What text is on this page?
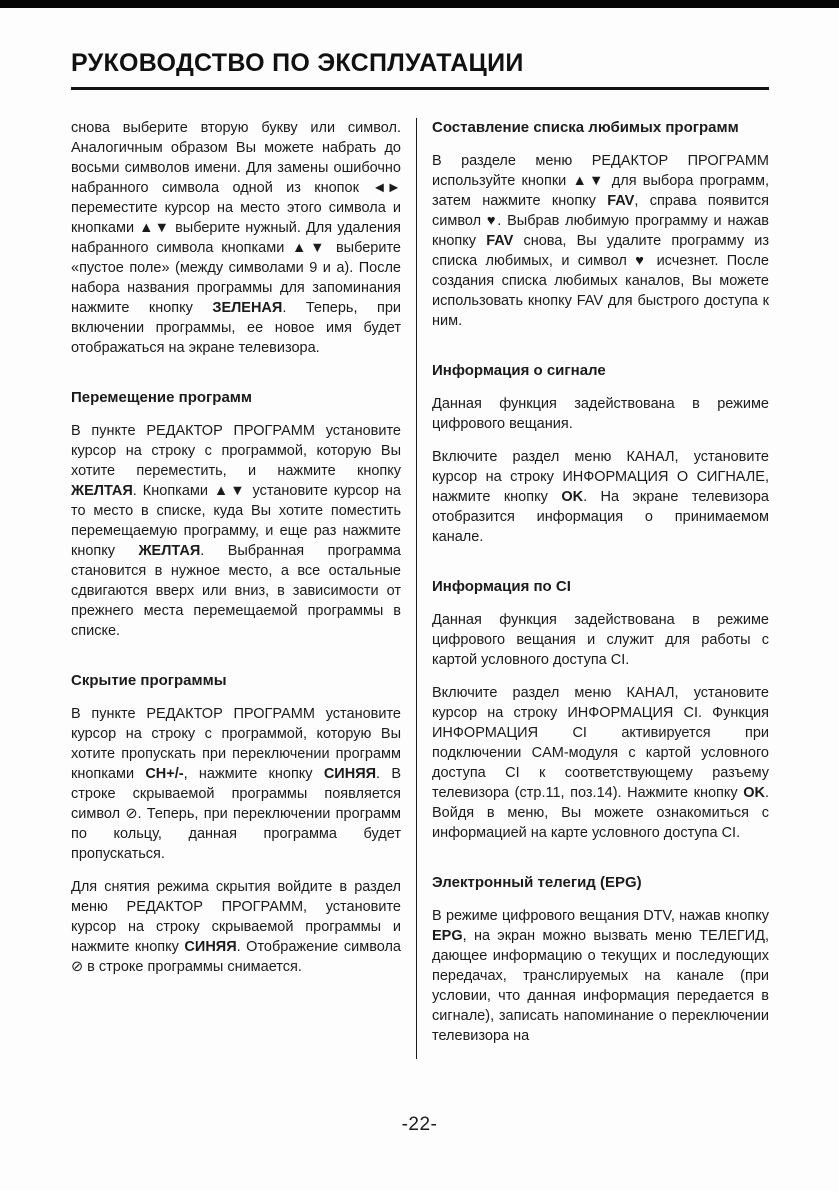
РУКОВОДСТВО ПО ЭКСПЛУАТАЦИИ

снова выберите вторую букву или символ. Аналогичным образом Вы можете набрать до восьми символов имени. Для замены ошибочно набранного символа одной из кнопок ◄► переместите курсор на место этого символа и кнопками ▲▼ выберите нужный. Для удаления набранного символа кнопками ▲▼ выберите «пустое поле» (между символами 9 и а). После набора названия программы для запоминания нажмите кнопку ЗЕЛЕНАЯ. Теперь, при включении программы, ее новое имя будет отображаться на экране телевизора.

Перемещение программ

В пункте РЕДАКТОР ПРОГРАММ установите курсор на строку с программой, которую Вы хотите переместить, и нажмите кнопку ЖЕЛТАЯ. Кнопками ▲▼ установите курсор на то место в списке, куда Вы хотите поместить перемещаемую программу, и еще раз нажмите кнопку ЖЕЛТАЯ. Выбранная программа становится в нужное место, а все остальные сдвигаются вверх или вниз, в зависимости от прежнего места перемещаемой программы в списке.

Скрытие программы

В пункте РЕДАКТОР ПРОГРАММ установите курсор на строку с программой, которую Вы хотите пропускать при переключении программ кнопками CH+/-, нажмите кнопку СИНЯЯ. В строке скрываемой программы появляется символ ⊘. Теперь, при переключении программ по кольцу, данная программа будет пропускаться.

Для снятия режима скрытия войдите в раздел меню РЕДАКТОР ПРОГРАММ, установите курсор на строку скрываемой программы и нажмите кнопку СИНЯЯ. Отображение символа ⊘ в строке программы снимается.

Составление списка любимых программ

В разделе меню РЕДАКТОР ПРОГРАММ используйте кнопки ▲▼ для выбора программ, затем нажмите кнопку FAV, справа появится символ ♥. Выбрав любимую программу и нажав кнопку FAV снова, Вы удалите программу из списка любимых, и символ ♥ исчезнет. После создания списка любимых каналов, Вы можете использовать кнопку FAV для быстрого доступа к ним.

Информация о сигнале

Данная функция задействована в режиме цифрового вещания.

Включите раздел меню КАНАЛ, установите курсор на строку ИНФОРМАЦИЯ О СИГНАЛЕ, нажмите кнопку OK. На экране телевизора отобразится информация о принимаемом канале.

Информация по CI

Данная функция задействована в режиме цифрового вещания и служит для работы с картой условного доступа CI.

Включите раздел меню КАНАЛ, установите курсор на строку ИНФОРМАЦИЯ CI. Функция ИНФОРМАЦИЯ CI активируется при подключении CAM-модуля с картой условного доступа CI к соответствующему разъему телевизора (стр.11, поз.14). Нажмите кнопку OK. Войдя в меню, Вы можете ознакомиться с информацией на карте условного доступа CI.

Электронный телегид (EPG)

В режиме цифрового вещания DTV, нажав кнопку EPG, на экран можно вызвать меню ТЕЛЕГИД, дающее информацию о текущих и последующих передачах, транслируемых на канале (при условии, что данная информация передается в сигнале), записать напоминание о переключении телевизора на

-22-
